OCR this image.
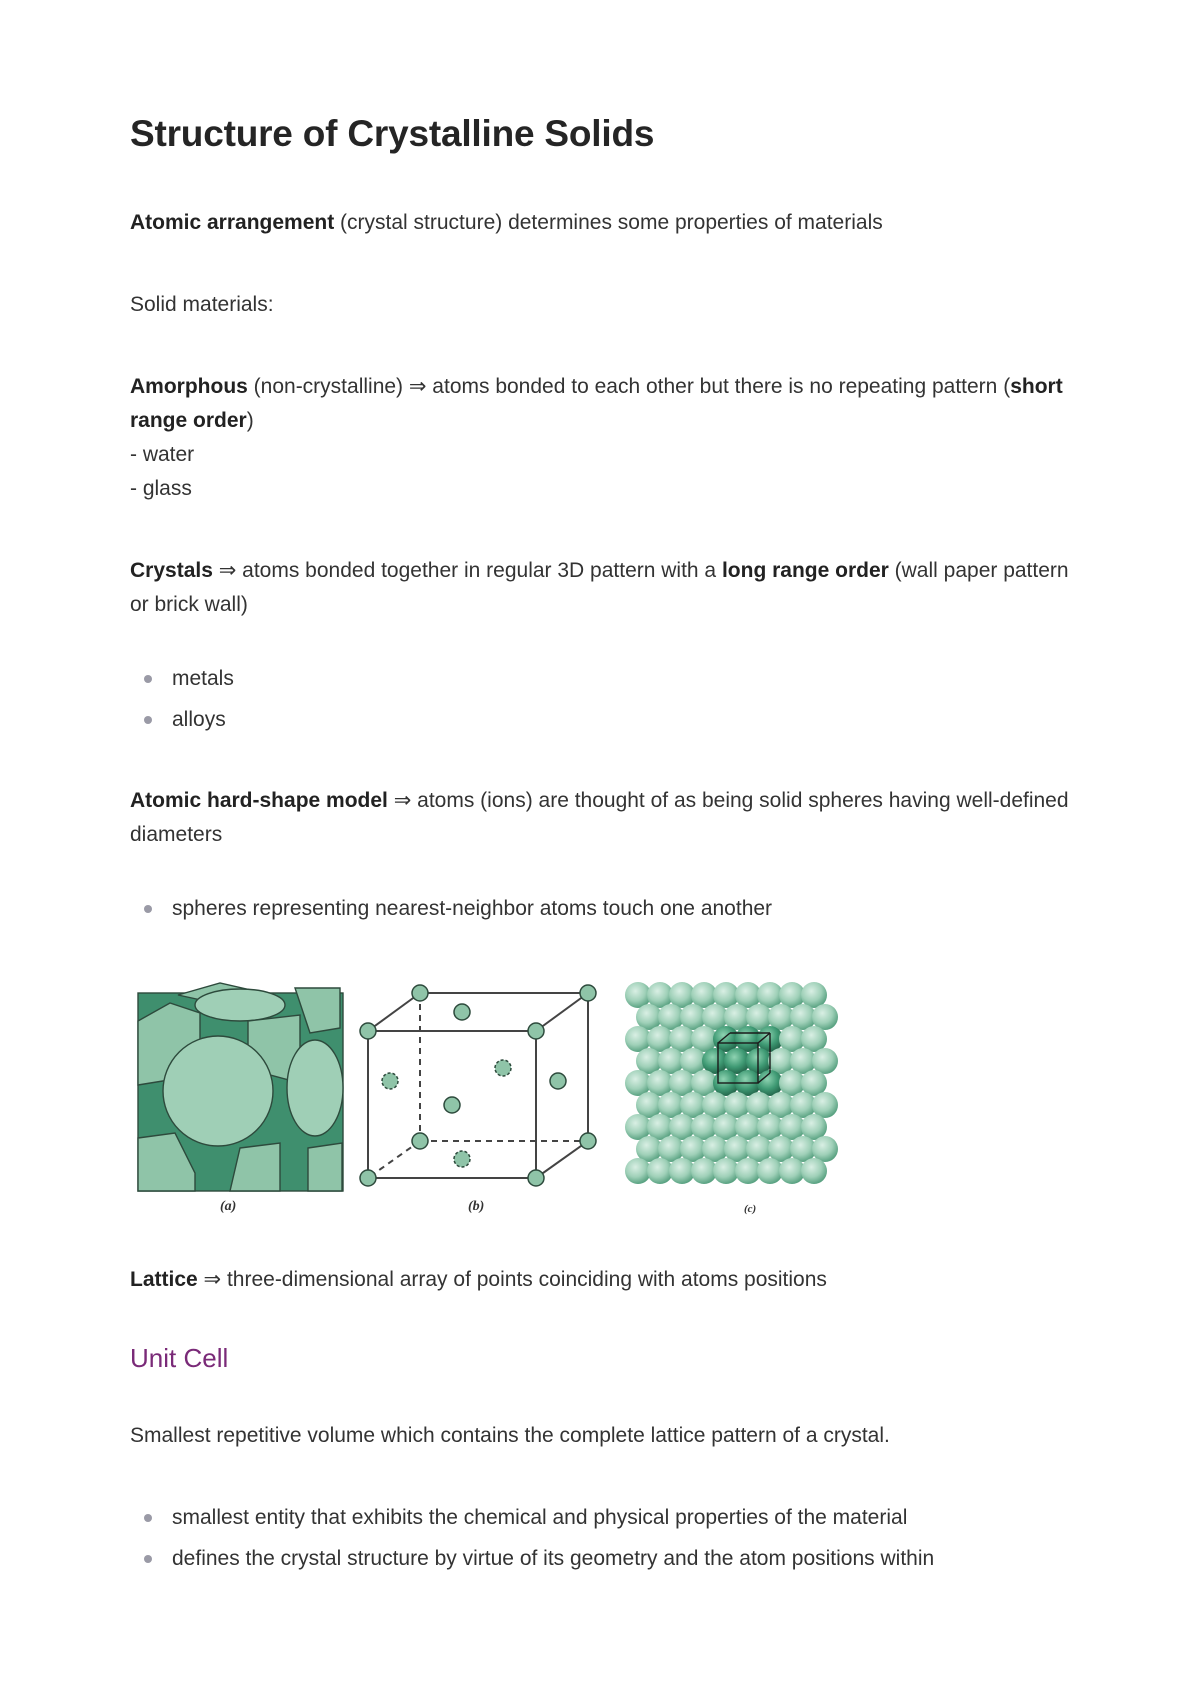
Structure of Crystalline Solids

Atomic arrangement (crystal structure) determines some properties of materials

Solid materials:

Amorphous (non-crystalline) ⇒ atoms bonded to each other but there is no repeating pattern (short range order)

- water

- glass

Crystals ⇒ atoms bonded together in regular 3D pattern with a long range order (wall paper pattern or brick wall)

metals
alloys

Atomic hard-shape model ⇒ atoms (ions) are thought of as being solid spheres having well-defined diameters

spheres representing nearest-neighbor atoms touch one another
(a)	(b)	(c)

Lattice ⇒ three-dimensional array of points coinciding with atoms positions

Unit Cell

Smallest repetitive volume which contains the complete lattice pattern of a crystal.

smallest entity that exhibits the chemical and physical properties of the material
defines the crystal structure by virtue of its geometry and the atom positions within
